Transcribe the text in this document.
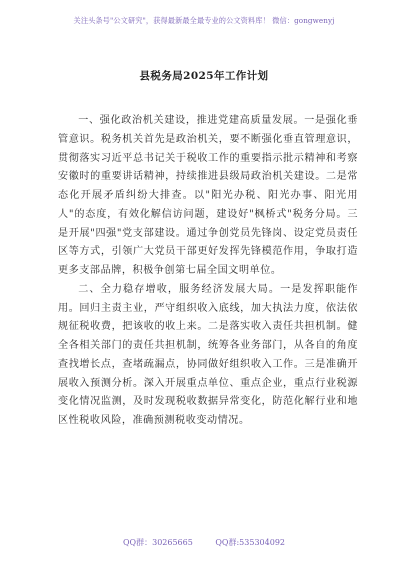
关注头条号"公文研究"，获得最新最全最专业的公文资料库！ 微信：gongwenyj
县税务局2025年工作计划

一、强化政治机关建设，推进党建高质量发展。一是强化垂管意识。税务机关首先是政治机关，要不断强化垂直管理意识，贯彻落实习近平总书记关于税收工作的重要指示批示精神和考察安徽时的重要讲话精神，持续推进县级局政治机关建设。二是常态化开展矛盾纠纷大排查。以"阳光办税、阳光办事、阳光用人"的态度，有效化解信访问题，建设好"枫桥式"税务分局。三是开展"四强"党支部建设。通过争创党员先锋岗、设定党员责任区等方式，引领广大党员干部更好发挥先锋模范作用，争取打造更多支部品牌，积极争创第七届全国文明单位。

二、全力稳存增收，服务经济发展大局。一是发挥职能作用。回归主责主业，严守组织收入底线，加大执法力度，依法依规征税收费，把该收的收上来。二是落实收入责任共担机制。健全各相关部门的责任共担机制，统筹各业务部门，从各自的角度查找增长点，查堵疏漏点，协同做好组织收入工作。三是准确开展收入预测分析。深入开展重点单位、重点企业，重点行业税源变化情况监测，及时发现税收数据异常变化，防范化解行业和地区性税收风险，准确预测税收变动情况。

QQ群：30265665	QQ群:535304092
